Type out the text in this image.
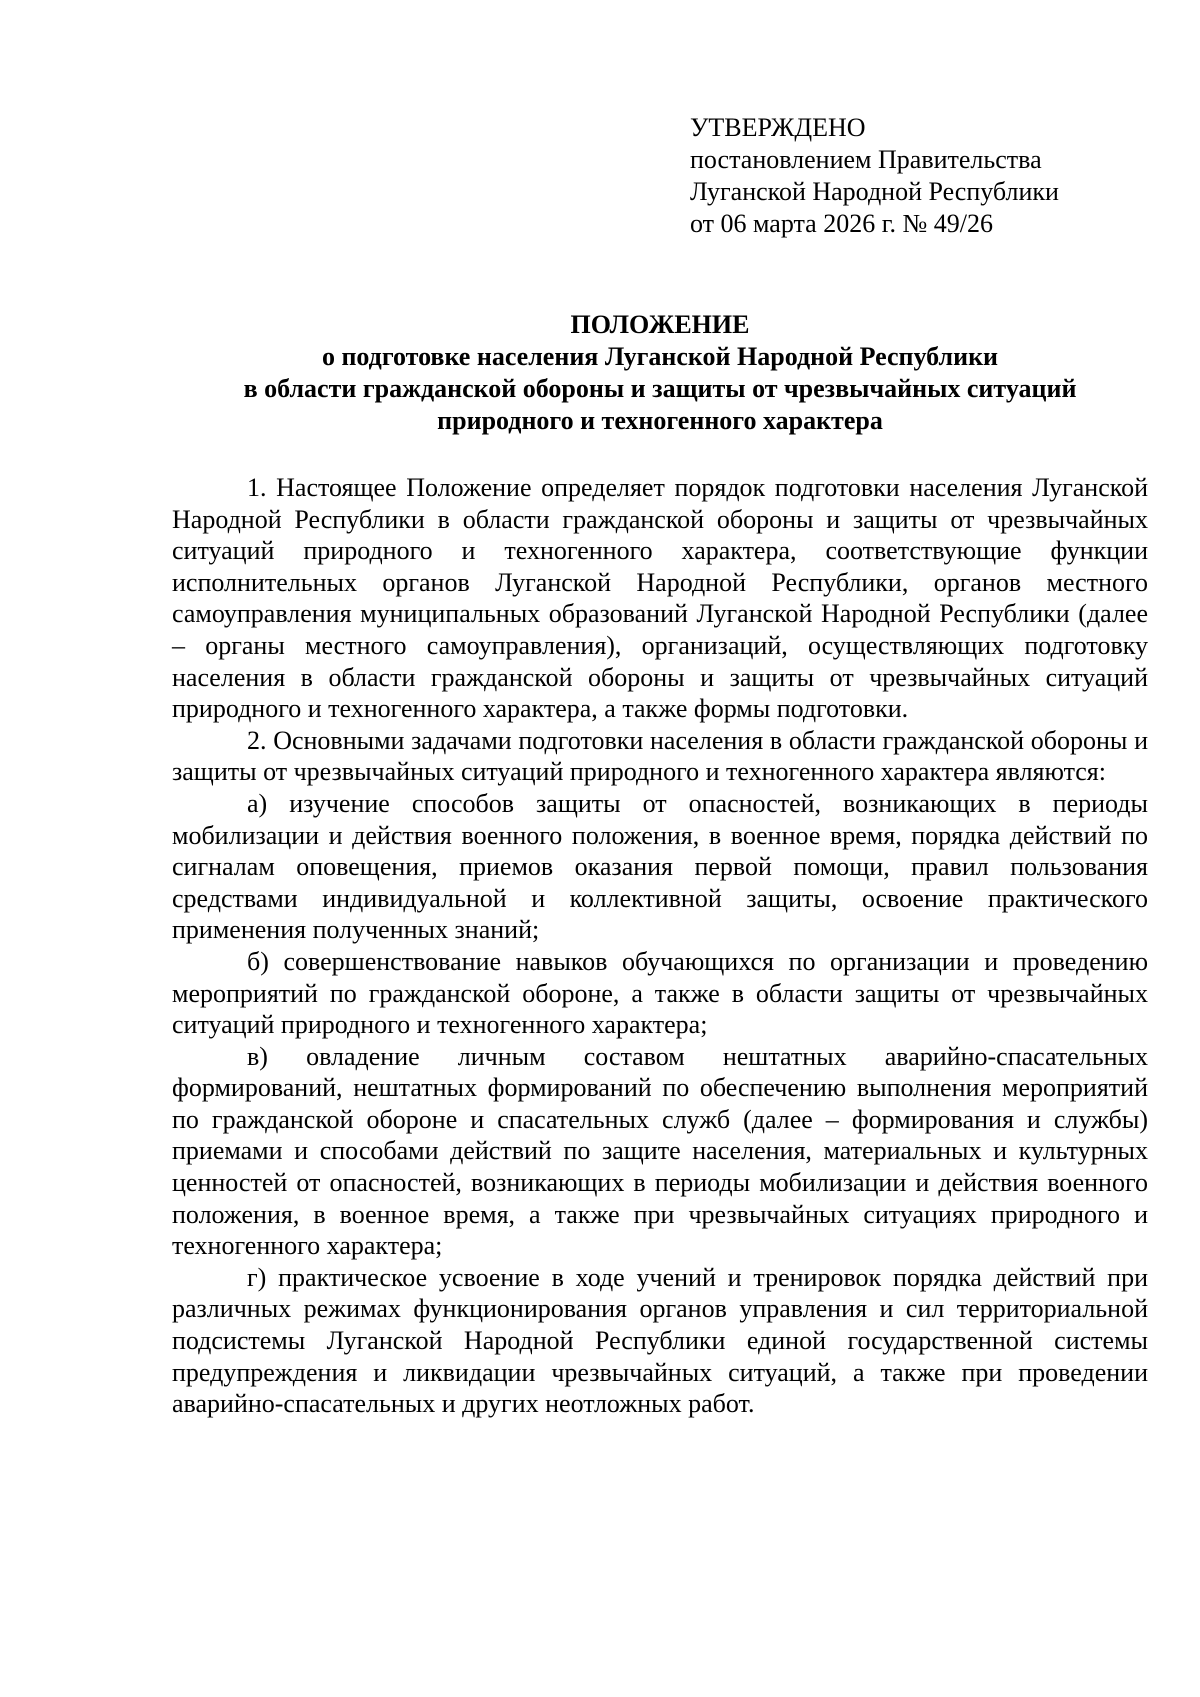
УТВЕРЖДЕНО
постановлением Правительства
Луганской Народной Республики
от 06 марта 2026 г. № 49/26
ПОЛОЖЕНИЕ
о подготовке населения Луганской Народной Республики
в области гражданской обороны и защиты от чрезвычайных ситуаций
природного и техногенного характера

1. Настоящее Положение определяет порядок подготовки населения Луганской Народной Республики в области гражданской обороны и защиты от чрезвычайных ситуаций природного и техногенного характера, соответствующие функции исполнительных органов Луганской Народной Республики, органов местного самоуправления муниципальных образований Луганской Народной Республики (далее – органы местного самоуправления), организаций, осуществляющих подготовку населения в области гражданской обороны и защиты от чрезвычайных ситуаций природного и техногенного характера, а также формы подготовки.

2. Основными задачами подготовки населения в области гражданской обороны и защиты от чрезвычайных ситуаций природного и техногенного характера являются:

а) изучение способов защиты от опасностей, возникающих в периоды мобилизации и действия военного положения, в военное время, порядка действий по сигналам оповещения, приемов оказания первой помощи, правил пользования средствами индивидуальной и коллективной защиты, освоение практического применения полученных знаний;

б) совершенствование навыков обучающихся по организации и проведению мероприятий по гражданской обороне, а также в области защиты от чрезвычайных ситуаций природного и техногенного характера;

в) овладение личным составом нештатных аварийно-спасательных формирований, нештатных формирований по обеспечению выполнения мероприятий по гражданской обороне и спасательных служб (далее – формирования и службы) приемами и способами действий по защите населения, материальных и культурных ценностей от опасностей, возникающих в периоды мобилизации и действия военного положения, в военное время, а также при чрезвычайных ситуациях природного и техногенного характера;

г) практическое усвоение в ходе учений и тренировок порядка действий при различных режимах функционирования органов управления и сил территориальной подсистемы Луганской Народной Республики единой государственной системы предупреждения и ликвидации чрезвычайных ситуаций, а также при проведении аварийно-спасательных и других неотложных работ.
